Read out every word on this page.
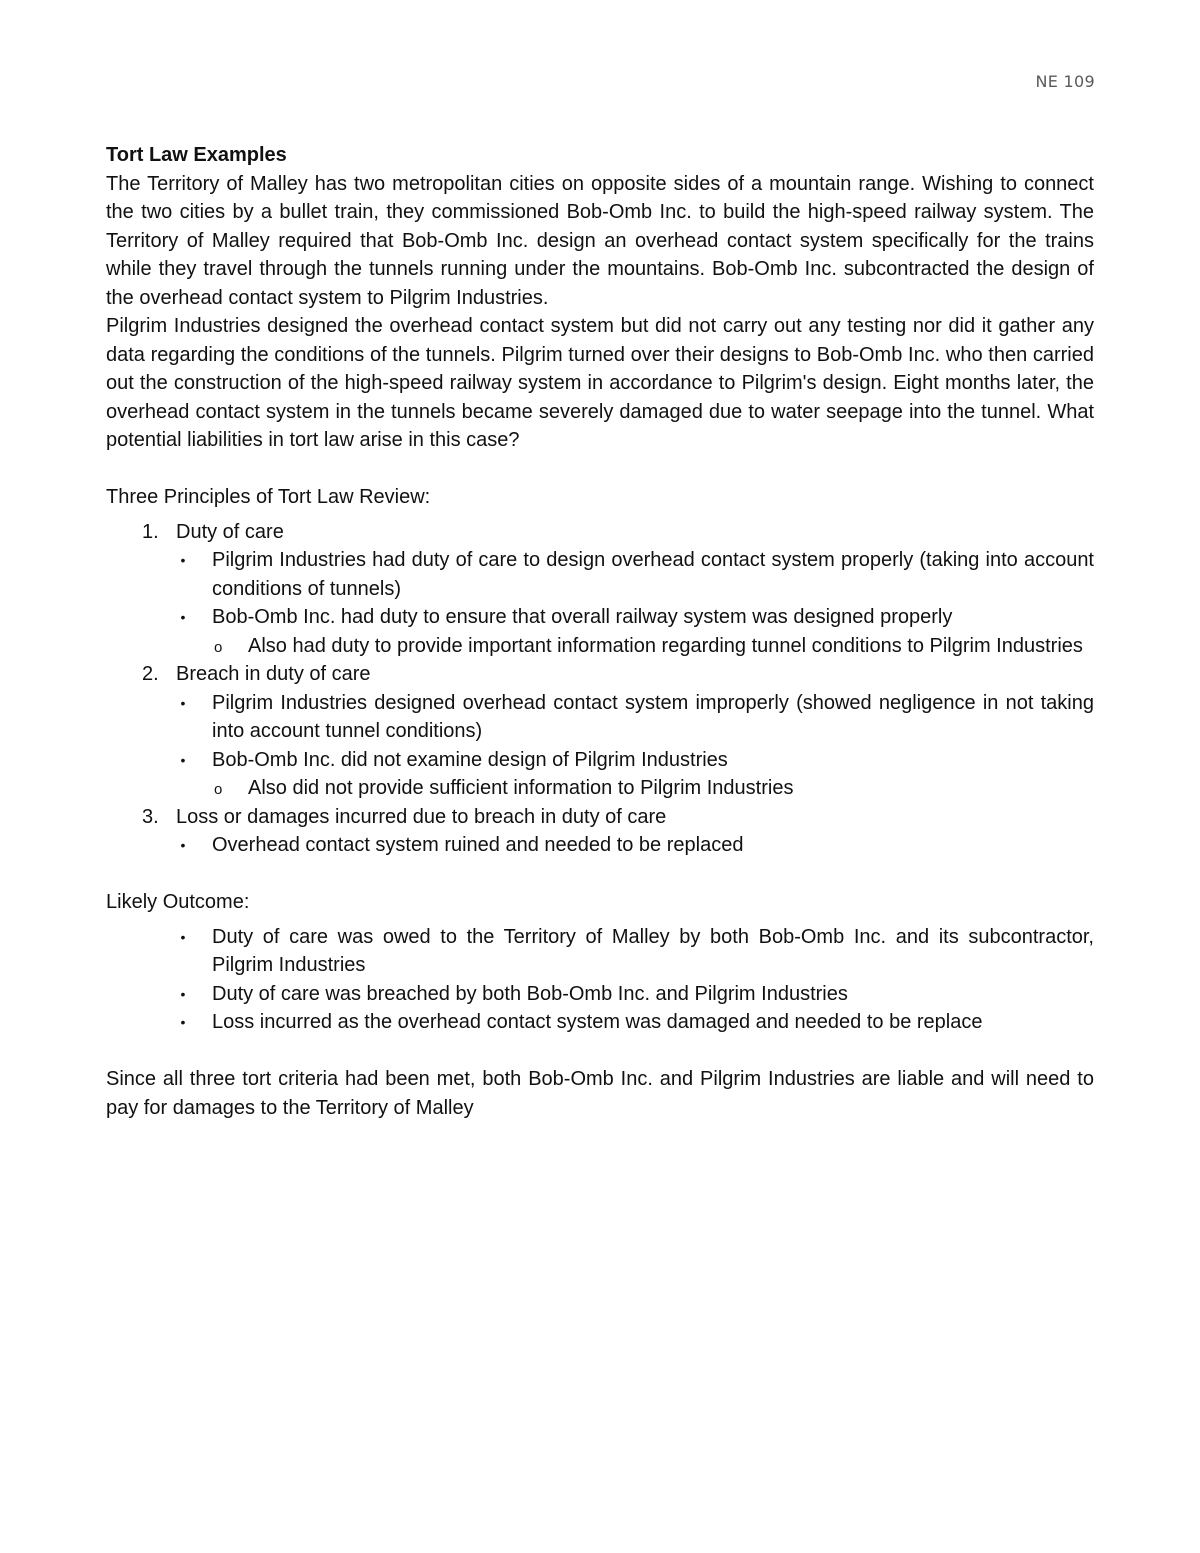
NE 109

Tort Law Examples

The Territory of Malley has two metropolitan cities on opposite sides of a mountain range. Wishing to connect the two cities by a bullet train, they commissioned Bob-Omb Inc. to build the high-speed railway system. The Territory of Malley required that Bob-Omb Inc. design an overhead contact system specifically for the trains while they travel through the tunnels running under the mountains. Bob-Omb Inc. subcontracted the design of the overhead contact system to Pilgrim Industries.

Pilgrim Industries designed the overhead contact system but did not carry out any testing nor did it gather any data regarding the conditions of the tunnels. Pilgrim turned over their designs to Bob-Omb Inc. who then carried out the construction of the high-speed railway system in accordance to Pilgrim's design. Eight months later, the overhead contact system in the tunnels became severely damaged due to water seepage into the tunnel. What potential liabilities in tort law arise in this case?

Three Principles of Tort Law Review:

1. Duty of care
• Pilgrim Industries had duty of care to design overhead contact system properly (taking into account conditions of tunnels)
• Bob-Omb Inc. had duty to ensure that overall railway system was designed properly
o Also had duty to provide important information regarding tunnel conditions to Pilgrim Industries
2. Breach in duty of care
• Pilgrim Industries designed overhead contact system improperly (showed negligence in not taking into account tunnel conditions)
• Bob-Omb Inc. did not examine design of Pilgrim Industries
o Also did not provide sufficient information to Pilgrim Industries
3. Loss or damages incurred due to breach in duty of care
• Overhead contact system ruined and needed to be replaced

Likely Outcome:

• Duty of care was owed to the Territory of Malley by both Bob-Omb Inc. and its subcontractor, Pilgrim Industries
• Duty of care was breached by both Bob-Omb Inc. and Pilgrim Industries
• Loss incurred as the overhead contact system was damaged and needed to be replace

Since all three tort criteria had been met, both Bob-Omb Inc. and Pilgrim Industries are liable and will need to pay for damages to the Territory of Malley
